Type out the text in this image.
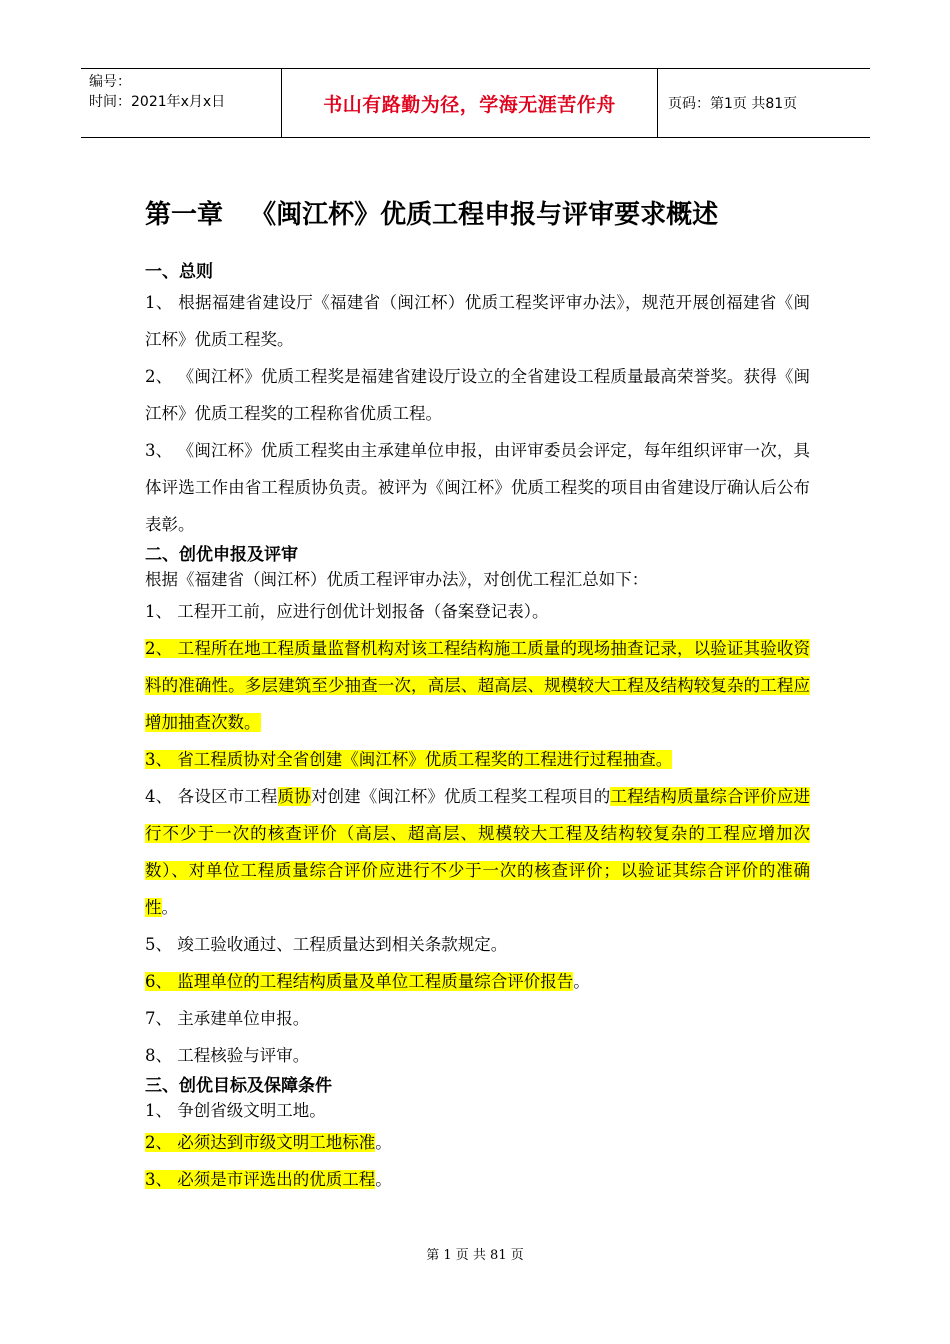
编号：
时间：2021年x月x日	书山有路勤为径，学海无涯苦作舟	页码：第1页 共81页
第一章   《闽江杯》优质工程申报与评审要求概述

一、总则

1、 根据福建省建设厅《福建省（闽江杯）优质工程奖评审办法》，规范开展创福建省《闽江杯》优质工程奖。

2、 《闽江杯》优质工程奖是福建省建设厅设立的全省建设工程质量最高荣誉奖。获得《闽江杯》优质工程奖的工程称省优质工程。

3、 《闽江杯》优质工程奖由主承建单位申报，由评审委员会评定，每年组织评审一次，具体评选工作由省工程质协负责。被评为《闽江杯》优质工程奖的项目由省建设厅确认后公布表彰。

二、创优申报及评审

根据《福建省（闽江杯）优质工程评审办法》，对创优工程汇总如下：

1、 工程开工前，应进行创优计划报备（备案登记表）。

2、 工程所在地工程质量监督机构对该工程结构施工质量的现场抽查记录，以验证其验收资料的准确性。多层建筑至少抽查一次，高层、超高层、规模较大工程及结构较复杂的工程应增加抽查次数。

3、 省工程质协对全省创建《闽江杯》优质工程奖的工程进行过程抽查。

4、 各设区市工程质协对创建《闽江杯》优质工程奖工程项目的工程结构质量综合评价应进行不少于一次的核查评价（高层、超高层、规模较大工程及结构较复杂的工程应增加次数）、对单位工程质量综合评价应进行不少于一次的核查评价；以验证其综合评价的准确性。

5、 竣工验收通过、工程质量达到相关条款规定。

6、 监理单位的工程结构质量及单位工程质量综合评价报告。

7、 主承建单位申报。

8、 工程核验与评审。

三、创优目标及保障条件

1、 争创省级文明工地。

2、 必须达到市级文明工地标准。

3、 必须是市评选出的优质工程。

第 1 页 共 81 页
